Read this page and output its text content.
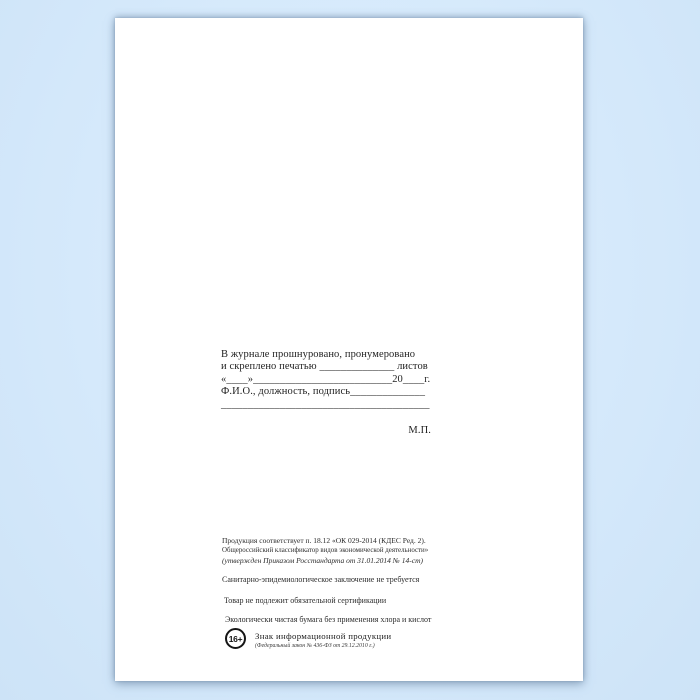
В журнале прошнуровано, пронумеровано
и скреплено печатью ______________ листов
«____»__________________________20____г.
Ф.И.О., должность, подпись______________
_______________________________________
М.П.
Продукция соответствует п. 18.12 «ОК 029-2014 (КДЕС Ред. 2).
Общероссийский классификатор видов экономической деятельности»
(утвержден Приказом Росстандарта от 31.01.2014 № 14-ст)
Санитарно-эпидемиологическое заключение не требуется
Товар не подлежит обязательной сертификации
Экологически чистая бумага без применения хлора и кислот
16+	Знак информационной продукции
(Федеральный закон № 436-ФЗ от 29.12.2010 г.)
